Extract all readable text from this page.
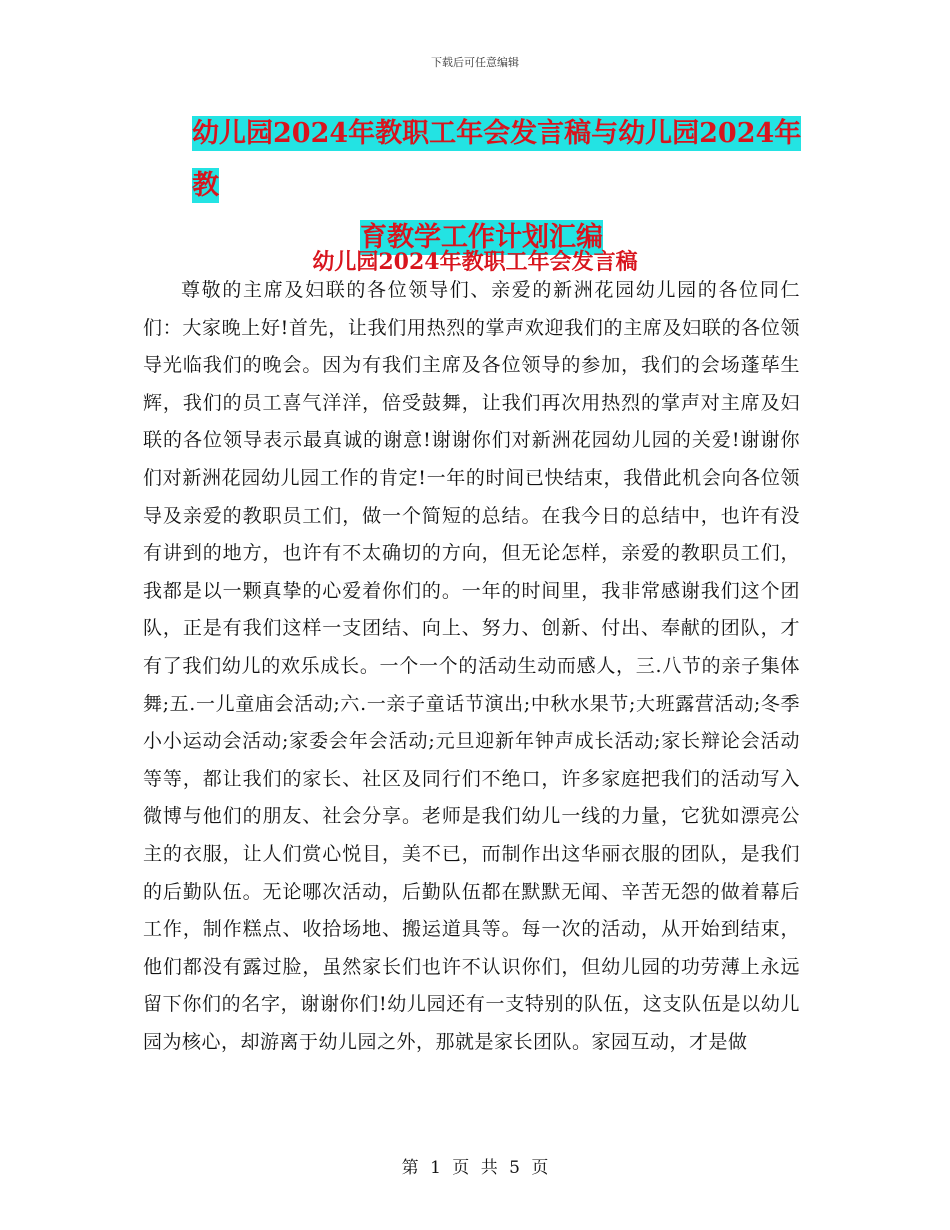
下载后可任意编辑
幼儿园2024年教职工年会发言稿与幼儿园2024年教
育教学工作计划汇编
幼儿园2024年教职工年会发言稿

尊敬的主席及妇联的各位领导们、亲爱的新洲花园幼儿园的各位同仁们：大家晚上好!首先，让我们用热烈的掌声欢迎我们的主席及妇联的各位领导光临我们的晚会。因为有我们主席及各位领导的参加，我们的会场蓬荜生辉，我们的员工喜气洋洋，倍受鼓舞，让我们再次用热烈的掌声对主席及妇联的各位领导表示最真诚的谢意!谢谢你们对新洲花园幼儿园的关爱!谢谢你们对新洲花园幼儿园工作的肯定!一年的时间已快结束，我借此机会向各位领导及亲爱的教职员工们，做一个简短的总结。在我今日的总结中，也许有没有讲到的地方，也许有不太确切的方向，但无论怎样，亲爱的教职员工们，我都是以一颗真挚的心爱着你们的。一年的时间里，我非常感谢我们这个团队，正是有我们这样一支团结、向上、努力、创新、付出、奉献的团队，才有了我们幼儿的欢乐成长。一个一个的活动生动而感人，三.八节的亲子集体舞;五.一儿童庙会活动;六.一亲子童话节演出;中秋水果节;大班露营活动;冬季小小运动会活动;家委会年会活动;元旦迎新年钟声成长活动;家长辩论会活动等等，都让我们的家长、社区及同行们不绝口，许多家庭把我们的活动写入微博与他们的朋友、社会分享。老师是我们幼儿一线的力量，它犹如漂亮公主的衣服，让人们赏心悦目，美不已，而制作出这华丽衣服的团队，是我们的后勤队伍。无论哪次活动，后勤队伍都在默默无闻、辛苦无怨的做着幕后工作，制作糕点、收拾场地、搬运道具等。每一次的活动，从开始到结束，他们都没有露过脸，虽然家长们也许不认识你们，但幼儿园的功劳薄上永远留下你们的名字，谢谢你们!幼儿园还有一支特别的队伍，这支队伍是以幼儿园为核心，却游离于幼儿园之外，那就是家长团队。家园互动，才是做

第 1 页 共 5 页
